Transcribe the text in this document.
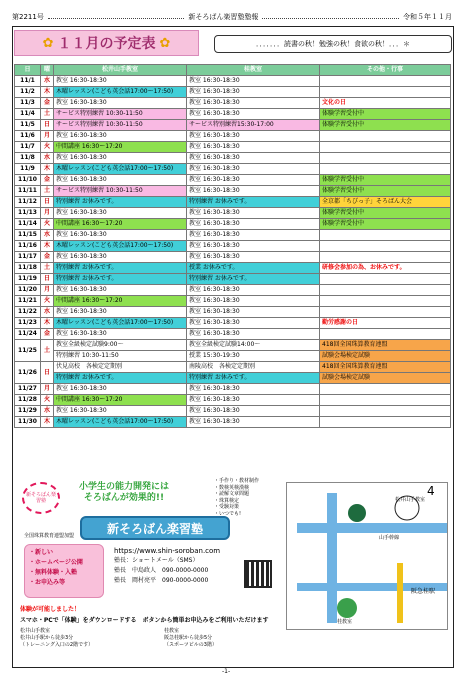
第2211号	新そろばん楽習塾塾報	令和５年１１月
✿ １１月の予定表 ✿	．．．．．．．読書の秋！勉強の秋！食欲の秋！．．．＊
日	曜	松井山手教室	桂教室	その他・行事
11/1	水	教室 16:30-18:30	教室 16:30-18:30	
11/2	木	木曜レッスン(こども英会話17:00ー17:50)	教室 16:30-18:30	
11/3	金	教室 16:30-18:30	教室 16:30-18:30	文化の日
11/4	土	サービス特別練習 10:30-11:50	教室 16:30-18:30	体験学習受付中
11/5	日	サービス特別練習 10:30-11:50	サービス特別練習15:30-17:00	体験学習受付中
11/6	月	教室 16:30-18:30	教室 16:30-18:30	
11/7	火	中間講座 16:30ー17:20	教室 16:30-18:30	
11/8	水	教室 16:30-18:30	教室 16:30-18:30	
11/9	木	木曜レッスン(こども英会話17:00ー17:50)	教室 16:30-18:30	
11/10	金	教室 16:30-18:30	教室 16:30-18:30	体験学習受付中
11/11	土	サービス特別練習 10:30-11:50	教室 16:30-18:30	体験学習受付中
11/12	日	特別練習 お休みです。	特別練習 お休みです。	全京都「ちびっ子」そろばん大会
11/13	月	教室 16:30-18:30	教室 16:30-18:30	体験学習受付中
11/14	火	中間講座 16:30ー17:20	教室 16:30-18:30	体験学習受付中
11/15	水	教室 16:30-18:30	教室 16:30-18:30	
11/16	木	木曜レッスン(こども英会話17:00ー17:50)	教室 16:30-18:30	
11/17	金	教室 16:30-18:30	教室 16:30-18:30	
11/18	土	特別練習 お休みです。	授業 お休みです。	研修会参加の為、お休みです。
11/19	日	特別練習 お休みです。	特別練習 お休みです。	
11/20	月	教室 16:30-18:30	教室 16:30-18:30	
11/21	火	中間講座 16:30ー17:20	教室 16:30-18:30	
11/22	水	教室 16:30-18:30	教室 16:30-18:30	
11/23	木	木曜レッスン(こども英会話17:00ー17:50)	教室 16:30-18:30	勤労感謝の日
11/24	金	教室 16:30-18:30	教室 16:30-18:30	
11/25	土	教室全級検定試験9:00～	教室全級検定試験14:00～	418回全国珠算教育連盟
		特別練習 10:30-11:50	授業 15:30-19:30	試験会場検定試験
11/26	日	伏見高校　各検定定期別	南陵高校　各検定定期別	418回全国珠算教育連盟
		特別練習 お休みです。	特別練習 お休みです。	試験会場検定試験
11/27	月	教室 16:30-18:30	教室 16:30-18:30	
11/28	火	中間講座 16:30ー17:20	教室 16:30-18:30	
11/29	水	教室 16:30-18:30	教室 16:30-18:30	
11/30	木	木曜レッスン(こども英会話17:00ー17:50)	教室 16:30-18:30	
新そろばん楽習塾
小学生の能力開発には
そろばんが効果的!!
・手作り・教材制作
・数検英検漢検
・読解文章問題
・珠算検定
・受験対策
・いつでも!
新そろばん楽習塾
全国珠算教育連盟加盟
・新しい
・ホームページ公開
・無料体験・入塾
・お申込み等
https://www.shin-soroban.com
塾長：ショートメール（SMS）
塾長　中島政人　090-0000-0000
塾長　岡村亮平　090-0000-0000
松井山手教室
山手幹線
桂教室
阪急桂駅
4
体験が可能しました！
スマホ・PCで「体験」をダウンロードする　ボタンから簡単お申込みをご利用いただけます
松井山手教室
松井山手駅から徒歩3分
（トレーニング入口の2階です）
桂教室
阪急桂駅から徒歩5分
（スポーツビルの3階）
-1-
